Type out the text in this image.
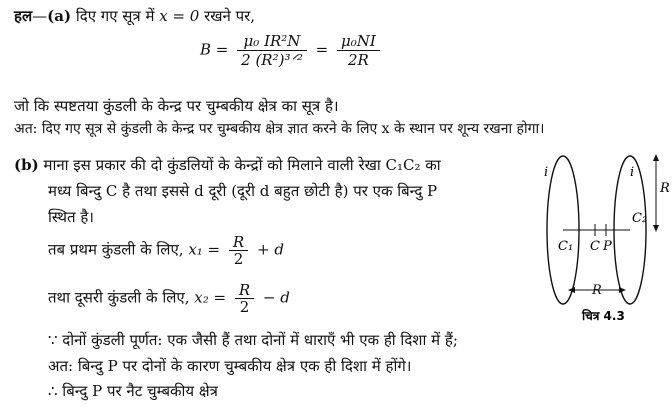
हल—(a) दिए गए सूत्र में x = 0 रखने पर,
$B = \frac{\text{μ₀ IR²N}}{\text{2 (R²)³ᐟ²}} = \frac{\text{μ₀NI}}{2R}$
जो कि स्पष्टतया कुंडली के केन्द्र पर चुम्बकीय क्षेत्र का सूत्र है।
अत: दिए गए सूत्र से कुंडली के केन्द्र पर चुम्बकीय क्षेत्र ज्ञात करने के लिए x के स्थान पर शून्य रखना होगा।
(b) माना इस प्रकार की दो कुंडलियों के केन्द्रों को मिलाने वाली रेखा C₁C₂ का
मध्य बिन्दु C है तथा इससे d दूरी (दूरी d बहुत छोटी है) पर एक बिन्दु P
स्थित है।
तब प्रथम कुंडली के लिए, $x_1 = \frac{R}{2} + d$
तथा दूसरी कुंडली के लिए, $x_2 = \frac{R}{2} - d$
∵ दोनों कुंडली पूर्णत: एक जैसी हैं तथा दोनों में धाराएँ भी एक ही दिशा में हैं;
अत: बिन्दु P पर दोनों के कारण चुम्बकीय क्षेत्र एक ही दिशा में होंगे।
∴ बिन्दु P पर नैट चुम्बकीय क्षेत्र
i	i
R
C₁ C P
C₂
R
चित्र 4.3
